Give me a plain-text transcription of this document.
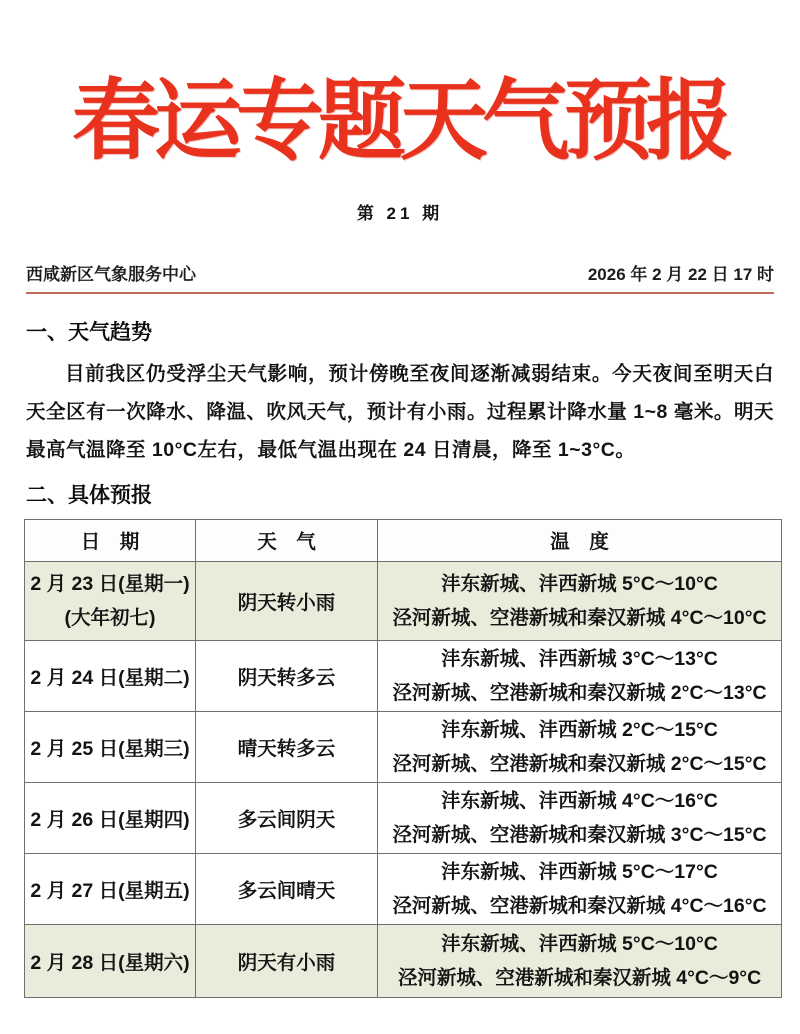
春运专题天气预报
第 21 期
西咸新区气象服务中心	2026 年 2 月 22 日 17 时
一、天气趋势
目前我区仍受浮尘天气影响，预计傍晚至夜间逐渐减弱结束。今天夜间至明天白天全区有一次降水、降温、吹风天气，预计有小雨。过程累计降水量 1~8 毫米。明天最高气温降至 10°C左右，最低气温出现在 24 日清晨，降至 1~3°C。
二、具体预报
日　期	天　气	温　度

2 月 23 日(星期一)
(大年初七)	阴天转小雨	沣东新城、沣西新城 5°C～10°C
泾河新城、空港新城和秦汉新城 4°C～10°C

2 月 24 日(星期二)	阴天转多云	沣东新城、沣西新城 3°C～13°C
泾河新城、空港新城和秦汉新城 2°C～13°C

2 月 25 日(星期三)	晴天转多云	沣东新城、沣西新城 2°C～15°C
泾河新城、空港新城和秦汉新城 2°C～15°C

2 月 26 日(星期四)	多云间阴天	沣东新城、沣西新城 4°C～16°C
泾河新城、空港新城和秦汉新城 3°C～15°C

2 月 27 日(星期五)	多云间晴天	沣东新城、沣西新城 5°C～17°C
泾河新城、空港新城和秦汉新城 4°C～16°C

2 月 28 日(星期六)	阴天有小雨	沣东新城、沣西新城 5°C～10°C
泾河新城、空港新城和秦汉新城 4°C～9°C
